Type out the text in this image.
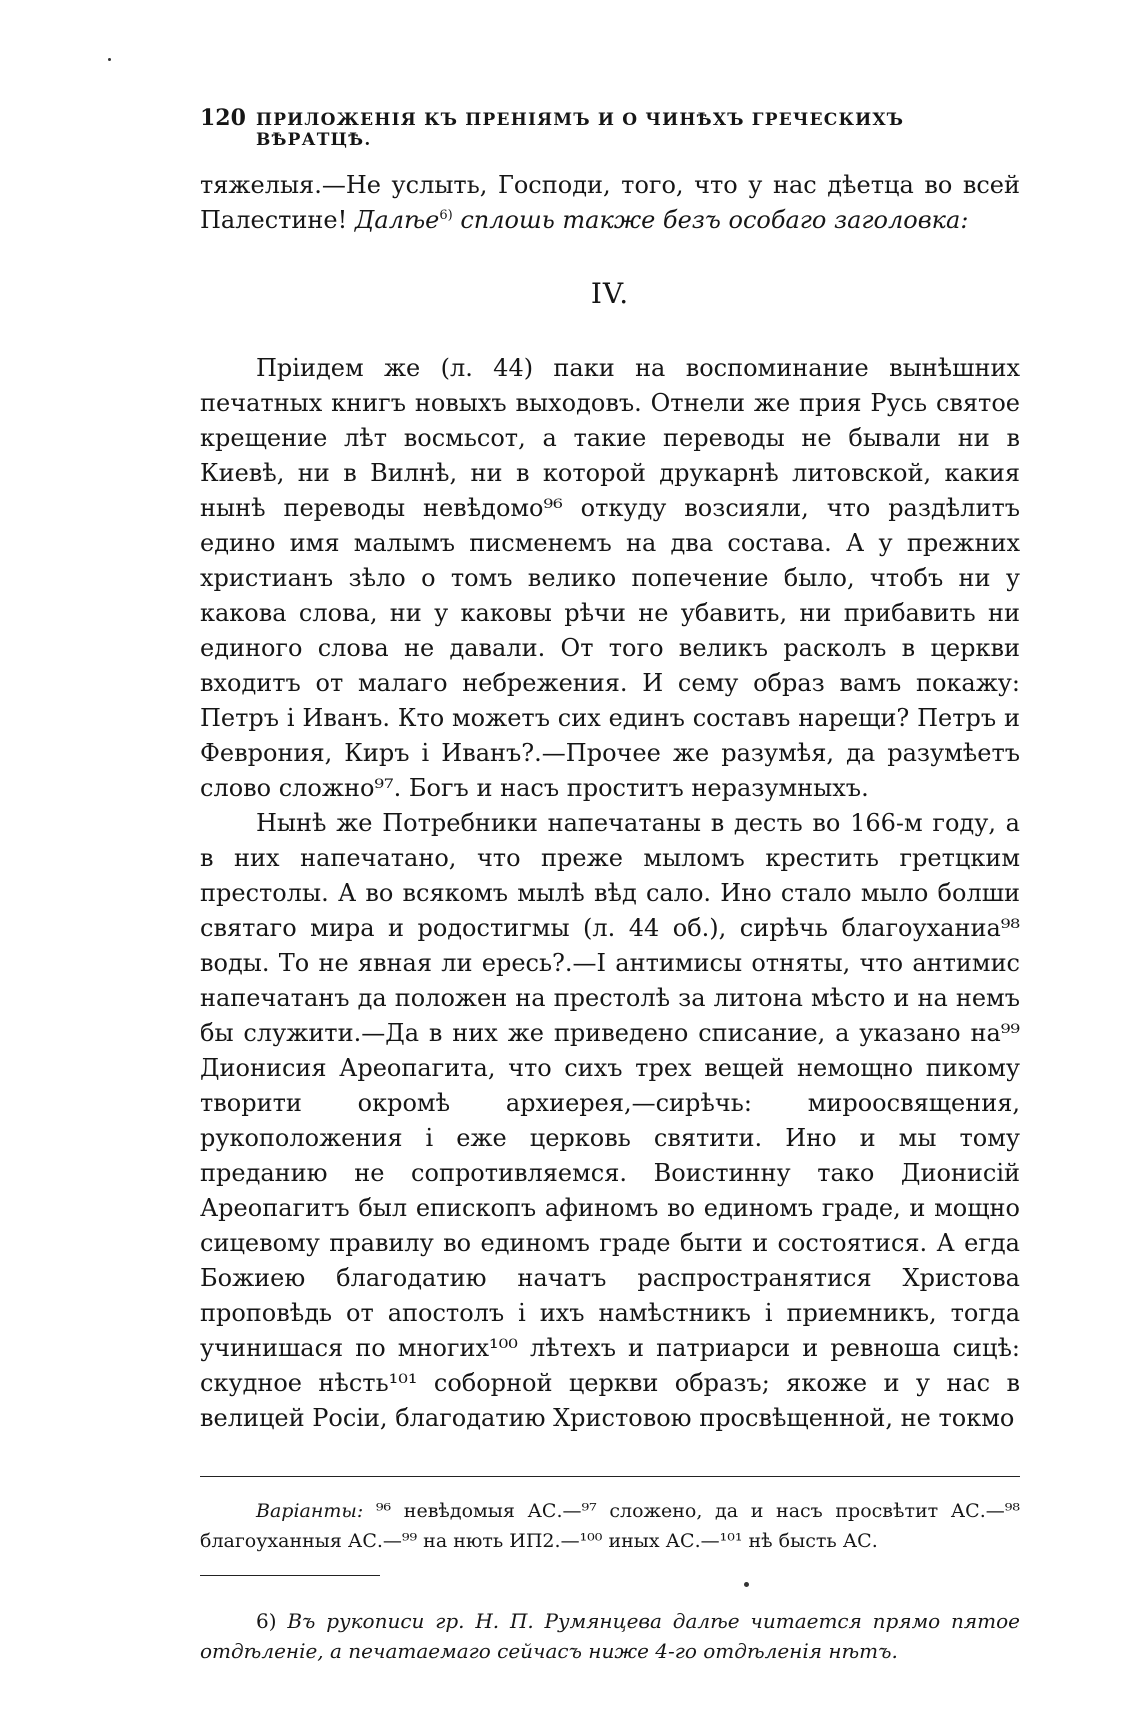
120 ПРИЛОЖЕНІЯ КЪ ПРЕНІЯМЪ И О ЧИНѢХЪ ГРЕЧЕСКИХЪ ВѢРАТЦѢ.

тяжелыя.—Не услыть, Господи, того, что у нас дѣетца во всей Палестине! Далѣе$^{6)}$ сплошь также безъ особаго заголовка:

IV.

Пріидем же (л. 44) паки на воспоминание вынѣшних печатных книгъ новыхъ выходовъ. Отнели же прия Русь святое крещение лѣт восмьсот, а такие переводы не бывали ни в Киевѣ, ни в Вилнѣ, ни в которой друкарнѣ литовской, какия нынѣ переводы невѣдомо⁹⁶ откуду возсияли, что раздѣлитъ едино имя малымъ писменемъ на два состава. А у прежних христианъ зѣло о томъ велико попечение было, чтобъ ни у какова слова, ни у каковы рѣчи не убавить, ни прибавить ни единого слова не давали. От того великъ расколъ в церкви входитъ от малаго небрежения. И сему образ вамъ покажу: Петръ і Иванъ. Кто можетъ сих единъ составъ нарещи? Петръ и Феврония, Киръ і Иванъ?.—Прочее же разумѣя, да разумѣетъ слово сложно⁹⁷. Богъ и насъ проститъ неразумныхъ.

Нынѣ же Потребники напечатаны в десть во 166-м году, а в них напечатано, что преже мыломъ крестить гретцким престолы. А во всякомъ мылѣ вѣд сало. Ино стало мыло болши святаго мира и родостигмы (л. 44 об.), сирѣчь благоуханиа⁹⁸ воды. То не явная ли ересь?.—І антимисы отняты, что антимис напечатанъ да положен на престолѣ за литона мѣсто и на немъ бы служити.—Да в них же приведено списание, а указано на⁹⁹ Дионисия Ареопагита, что сихъ трех вещей немощно пикому творити окромѣ архиерея,—сирѣчь: мироосвящения, рукоположения і еже церковь святити. Ино и мы тому преданию не сопротивляемся. Воистинну тако Дионисій Ареопагитъ был епископъ афиномъ во единомъ граде, и мощно сицевому правилу во единомъ граде быти и состоятися. А егда Божиею благодатию начатъ распространятися Христова проповѣдь от апостолъ і ихъ намѣстникъ і приемникъ, тогда учинишася по многих¹⁰⁰ лѣтехъ и патриарси и ревноша сицѣ: скудное нѣсть¹⁰¹ соборной церкви образъ; якоже и у нас в велицей Росіи, благодатию Христовою просвѣщенной, не токмо

Варіанты: ⁹⁶ невѣдомыя АС.—⁹⁷ сложено, да и насъ просвѣтит АС.—⁹⁸ благоуханныя АС.—⁹⁹ на нють ИП2.—¹⁰⁰ иных АС.—¹⁰¹ нѣ бысть АС.

6) Въ рукописи гр. Н. П. Румянцева далѣе читается прямо пятое отдѣленіе, а печатаемаго сейчасъ ниже 4-го отдѣленія нѣтъ.
